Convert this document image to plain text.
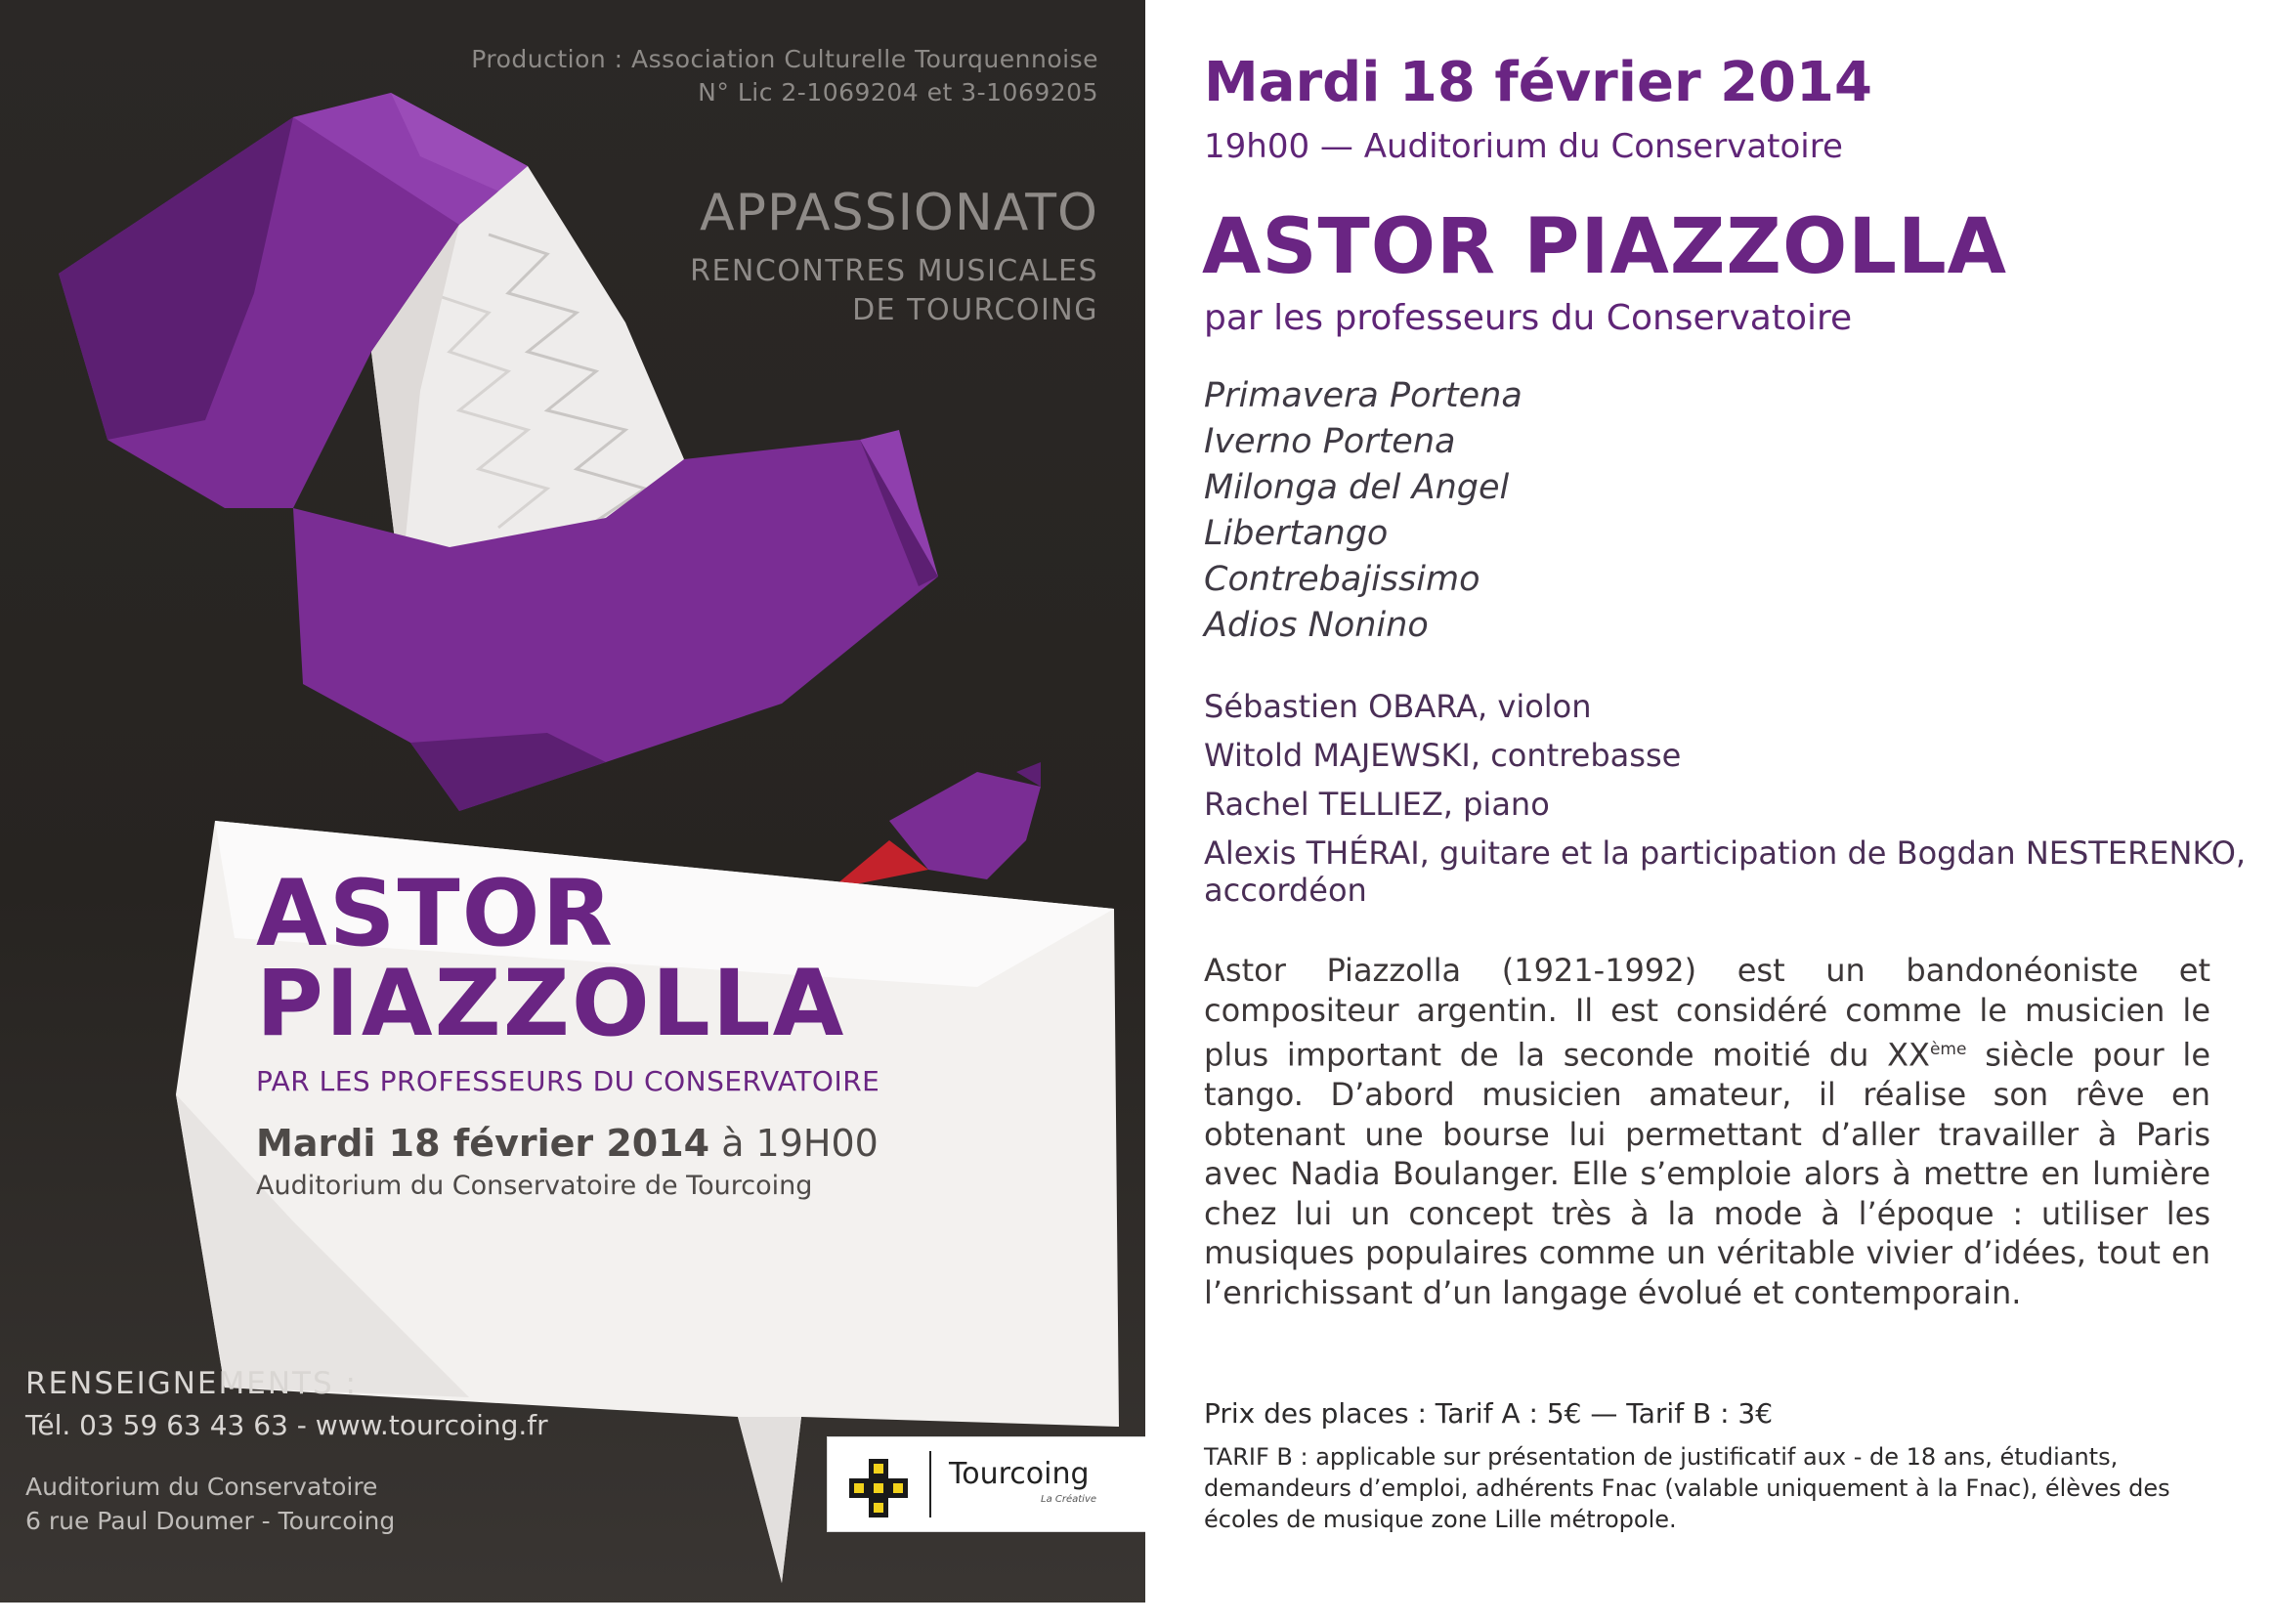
Production : Association Culturelle Tourquennoise
N° Lic 2-1069204 et 3-1069205
APPASSIONATO
RENCONTRES MUSICALES
DE TOURCOING
ASTOR
PIAZZOLLA
PAR LES PROFESSEURS DU CONSERVATOIRE
Mardi 18 février 2014 à 19H00
Auditorium du Conservatoire de Tourcoing
RENSEIGNEMENTS :
Tél. 03 59 63 43 63 - www.tourcoing.fr
Auditorium du Conservatoire
6 rue Paul Doumer - Tourcoing
Tourcoing
La Créative
Mardi 18 février 2014
19h00 — Auditorium du Conservatoire
ASTOR PIAZZOLLA
par les professeurs du Conservatoire
Primavera Portena
Iverno Portena
Milonga del Angel
Libertango
Contrebajissimo
Adios Nonino
Sébastien OBARA, violon
Witold MAJEWSKI, contrebasse
Rachel TELLIEZ, piano
Alexis THÉRAI, guitare et la participation de Bogdan NESTERENKO, accordéon

Astor Piazzolla (1921-1992) est un bandonéoniste et compositeur argentin. Il est considéré comme le musicien le plus important de la seconde moitié du XXème siècle pour le tango. D’abord musicien amateur, il réalise son rêve en obtenant une bourse lui permettant d’aller travailler à Paris avec Nadia Boulanger. Elle s’emploie alors à mettre en lumière chez lui un concept très à la mode à l’époque : utiliser les musiques populaires comme un véritable vivier d’idées, tout en l’enrichissant d’un langage évolué et contemporain.

Prix des places : Tarif A : 5€ — Tarif B : 3€

TARIF B : applicable sur présentation de justificatif aux - de 18 ans, étudiants, demandeurs d’emploi, adhérents Fnac (valable uniquement à la Fnac), élèves des écoles de musique zone Lille métropole.
